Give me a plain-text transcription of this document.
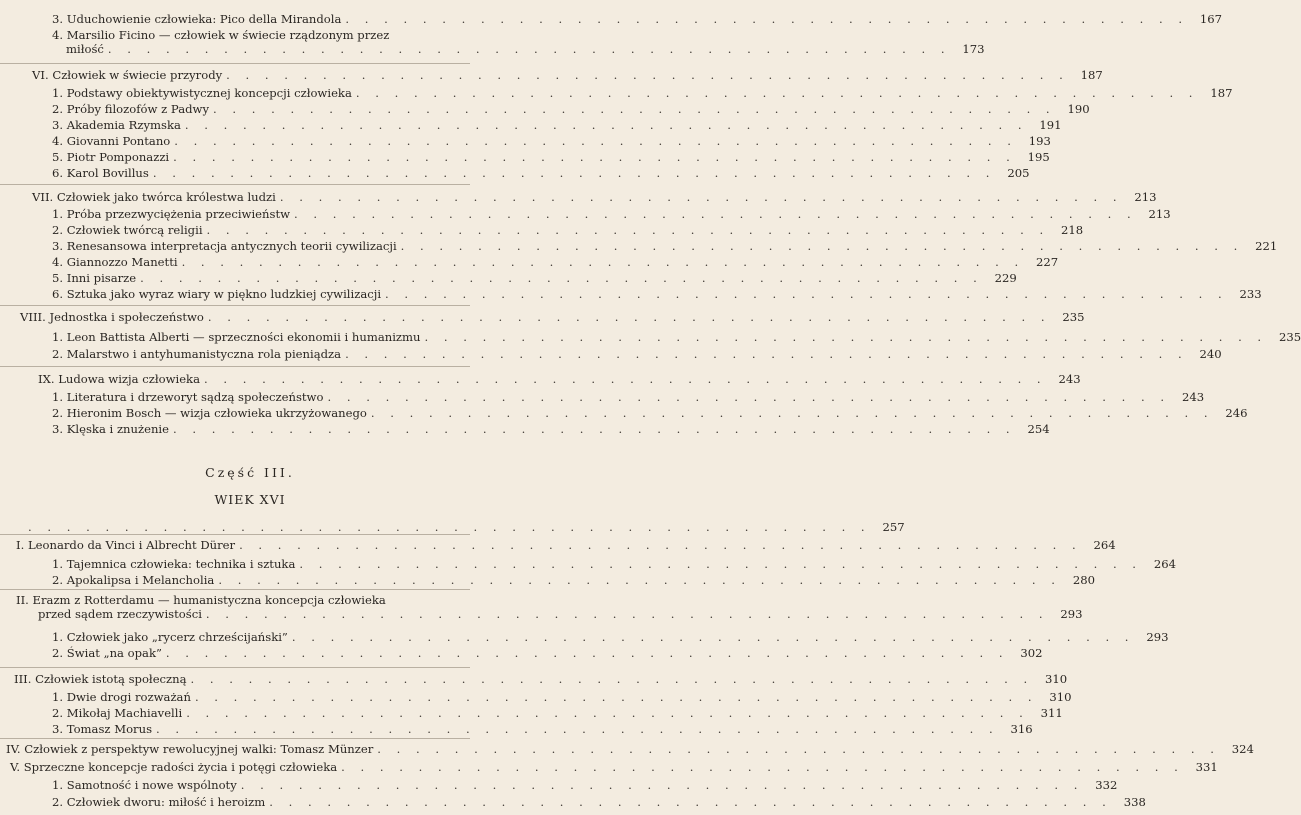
3. Uduchowienie człowieka: Pico della Mirandola . . . . . . . . . . . . . . . . . . . . . . . . . . . . . . . . . . . . . . . . . . . .	167
4. Marsilio Ficino — człowiek w świecie rządzonym przez
miłość . . . . . . . . . . . . . . . . . . . . . . . . . . . . . . . . . . . . . . . . . . . .	173
VI. Człowiek w świecie przyrody . . . . . . . . . . . . . . . . . . . . . . . . . . . . . . . . . . . . . . . . . . . .	187
1. Podstawy obiektywistycznej koncepcji człowieka . . . . . . . . . . . . . . . . . . . . . . . . . . . . . . . . . . . . . . . . . . . .	187
2. Próby filozofów z Padwy . . . . . . . . . . . . . . . . . . . . . . . . . . . . . . . . . . . . . . . . . . . .	190
3. Akademia Rzymska . . . . . . . . . . . . . . . . . . . . . . . . . . . . . . . . . . . . . . . . . . . .	191
4. Giovanni Pontano . . . . . . . . . . . . . . . . . . . . . . . . . . . . . . . . . . . . . . . . . . . .	193
5. Piotr Pomponazzi . . . . . . . . . . . . . . . . . . . . . . . . . . . . . . . . . . . . . . . . . . . .	195
6. Karol Bovillus . . . . . . . . . . . . . . . . . . . . . . . . . . . . . . . . . . . . . . . . . . . .	205
VII. Człowiek jako twórca królestwa ludzi . . . . . . . . . . . . . . . . . . . . . . . . . . . . . . . . . . . . . . . . . . . .	213
1. Próba przezwyciężenia przeciwieństw . . . . . . . . . . . . . . . . . . . . . . . . . . . . . . . . . . . . . . . . . . . .	213
2. Człowiek twórcą religii . . . . . . . . . . . . . . . . . . . . . . . . . . . . . . . . . . . . . . . . . . . .	218
3. Renesansowa interpretacja antycznych teorii cywilizacji . . . . . . . . . . . . . . . . . . . . . . . . . . . . . . . . . . . . . . . . . . . .	221
4. Giannozzo Manetti . . . . . . . . . . . . . . . . . . . . . . . . . . . . . . . . . . . . . . . . . . . .	227
5. Inni pisarze . . . . . . . . . . . . . . . . . . . . . . . . . . . . . . . . . . . . . . . . . . . .	229
6. Sztuka jako wyraz wiary w piękno ludzkiej cywilizacji . . . . . . . . . . . . . . . . . . . . . . . . . . . . . . . . . . . . . . . . . . . .	233
VIII. Jednostka i społeczeństwo . . . . . . . . . . . . . . . . . . . . . . . . . . . . . . . . . . . . . . . . . . . .	235
1. Leon Battista Alberti — sprzeczności ekonomii i humanizmu . . . . . . . . . . . . . . . . . . . . . . . . . . . . . . . . . . . . . . . . . . . .	235
2. Malarstwo i antyhumanistyczna rola pieniądza . . . . . . . . . . . . . . . . . . . . . . . . . . . . . . . . . . . . . . . . . . . .	240
IX. Ludowa wizja człowieka . . . . . . . . . . . . . . . . . . . . . . . . . . . . . . . . . . . . . . . . . . . .	243
1. Literatura i drzeworyt sądzą społeczeństwo . . . . . . . . . . . . . . . . . . . . . . . . . . . . . . . . . . . . . . . . . . . .	243
2. Hieronim Bosch — wizja człowieka ukrzyżowanego . . . . . . . . . . . . . . . . . . . . . . . . . . . . . . . . . . . . . . . . . . . .	246
3. Klęska i znużenie . . . . . . . . . . . . . . . . . . . . . . . . . . . . . . . . . . . . . . . . . . . .	254
Część III.
WIEK XVI
. . . . . . . . . . . . . . . . . . . . . . . . . . . . . . . . . . . . . . . . . . . .	257
I. Leonardo da Vinci i Albrecht Dürer . . . . . . . . . . . . . . . . . . . . . . . . . . . . . . . . . . . . . . . . . . . .	264
1. Tajemnica człowieka: technika i sztuka . . . . . . . . . . . . . . . . . . . . . . . . . . . . . . . . . . . . . . . . . . . .	264
2. Apokalipsa i Melancholia . . . . . . . . . . . . . . . . . . . . . . . . . . . . . . . . . . . . . . . . . . . .	280
II. Erazm z Rotterdamu — humanistyczna koncepcja człowieka
przed sądem rzeczywistości . . . . . . . . . . . . . . . . . . . . . . . . . . . . . . . . . . . . . . . . . . . .	293
1. Człowiek jako „rycerz chrześcijański” . . . . . . . . . . . . . . . . . . . . . . . . . . . . . . . . . . . . . . . . . . . .	293
2. Świat „na opak” . . . . . . . . . . . . . . . . . . . . . . . . . . . . . . . . . . . . . . . . . . . .	302
III. Człowiek istotą społeczną . . . . . . . . . . . . . . . . . . . . . . . . . . . . . . . . . . . . . . . . . . . .	310
1. Dwie drogi rozważań . . . . . . . . . . . . . . . . . . . . . . . . . . . . . . . . . . . . . . . . . . . .	310
2. Mikołaj Machiavelli . . . . . . . . . . . . . . . . . . . . . . . . . . . . . . . . . . . . . . . . . . . .	311
3. Tomasz Morus . . . . . . . . . . . . . . . . . . . . . . . . . . . . . . . . . . . . . . . . . . . .	316
IV. Człowiek z perspektyw rewolucyjnej walki: Tomasz Münzer . . . . . . . . . . . . . . . . . . . . . . . . . . . . . . . . . . . . . . . . . . . .	324
V. Sprzeczne koncepcje radości życia i potęgi człowieka . . . . . . . . . . . . . . . . . . . . . . . . . . . . . . . . . . . . . . . . . . . .	331
1. Samotność i nowe wspólnoty . . . . . . . . . . . . . . . . . . . . . . . . . . . . . . . . . . . . . . . . . . . .	332
2. Człowiek dworu: miłość i heroizm . . . . . . . . . . . . . . . . . . . . . . . . . . . . . . . . . . . . . . . . . . . .	338
